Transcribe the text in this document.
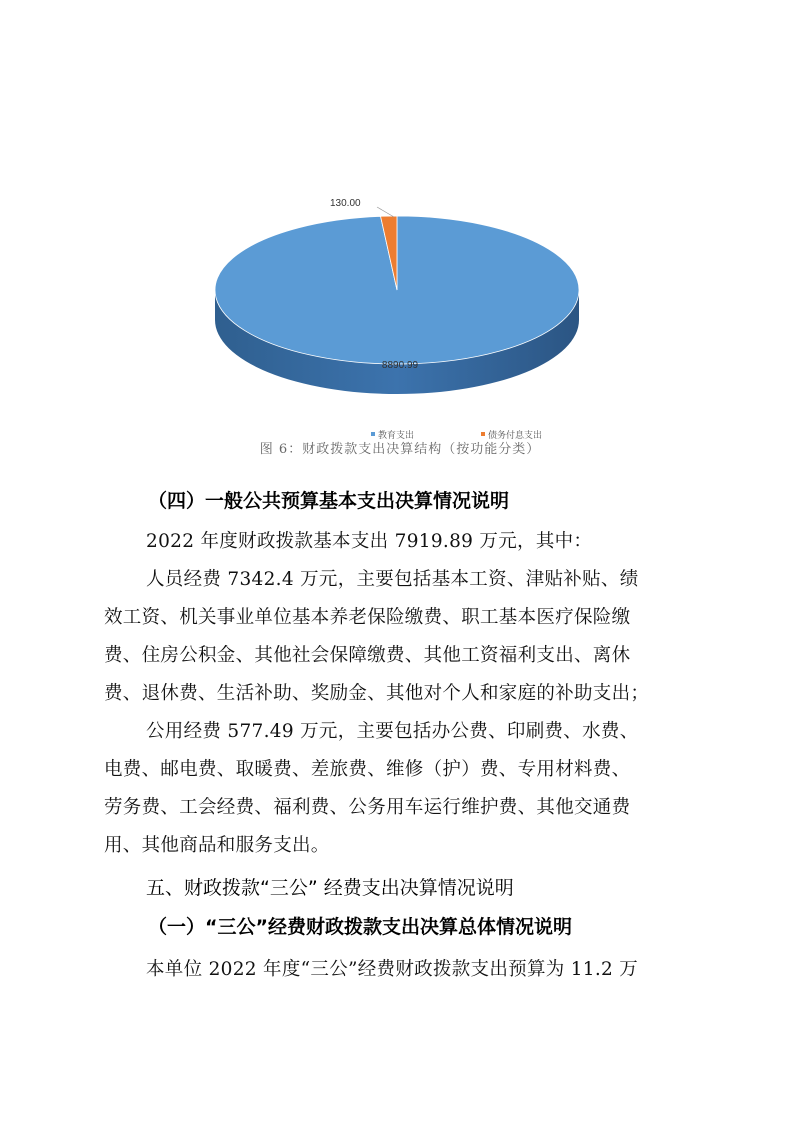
130.00
8890.99
教育支出	债务付息支出
图 6：财政拨款支出决算结构（按功能分类）
（四）一般公共预算基本支出决算情况说明
2022 年度财政拨款基本支出 7919.89 万元，其中：
人员经费 7342.4 万元，主要包括基本工资、津贴补贴、绩
效工资、机关事业单位基本养老保险缴费、职工基本医疗保险缴
费、住房公积金、其他社会保障缴费、其他工资福利支出、离休
费、退休费、生活补助、奖励金、其他对个人和家庭的补助支出；
公用经费 577.49 万元，主要包括办公费、印刷费、水费、
电费、邮电费、取暖费、差旅费、维修（护）费、专用材料费、
劳务费、工会经费、福利费、公务用车运行维护费、其他交通费
用、其他商品和服务支出。
五、财政拨款“三公” 经费支出决算情况说明
（一）“三公”经费财政拨款支出决算总体情况说明
本单位 2022 年度“三公”经费财政拨款支出预算为 11.2 万
